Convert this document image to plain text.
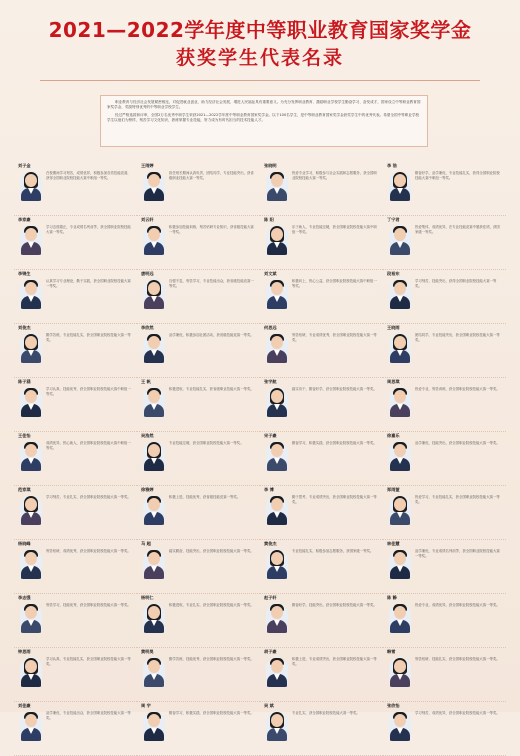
2021—2022学年度中等职业教育国家奖学金
获奖学生代表名录

职业教育与经济社会发展紧密相连，对促进就业创业、助力经济社会发展、增进人民福祉具有重要意义。为充分发挥职业教育、激励职业学校学生勤奋学习、奋发成才，国家设立中等职业教育国家奖学金，奖励特别优秀的中等职业学校学生。

经过严格选拔和评审，全国2万名优秀中职学生荣获2021—2022学年度中等职业教育国家奖学金。以下100名学生，是中等职业教育国家奖学金获奖学生中的优秀代表。希望全国中等职业学校学生以他们为榜样，刻苦学习文化知识，熟练掌握专业技能，努力成为有时代担当的技术技能人才。

刘子金
在校期间学习刻苦，成绩优异，积极参加各类技能竞赛，获得全国职业院校技能大赛中职组一等奖。
王雨婷
担任班长期间认真负责，团结同学，专业技能突出，获省级职业技能大赛一等奖。
张晓明
热爱专业学习，积极参与社会实践和志愿服务，获全国职业院校技能大赛一等奖。
李 浩
勤奋好学，品学兼优，专业技能扎实，获得全国职业院校技能大赛中职组一等奖。
李家豪
学习态度端正，专业成绩名列前茅，获全国职业院校技能大赛一等奖。
刘云轩
积极参加技能训练，刻苦钻研专业知识，获省级技能大赛一等奖。
陈 阳
乐于助人，专业技能过硬，获全国职业院校技能大赛中职组一等奖。
丁宁君
热爱集体，成绩优异，在专业技能竞赛中屡获佳绩，获国家级一等奖。
李锦生
认真学习专业理论，勤于实践，获全国职业院校技能大赛一等奖。
唐明远
自强不息，刻苦学习，专业技能出众，获省级技能竞赛一等奖。
刘文斌
积极向上，热心公益，获全国职业院校技能大赛中职组一等奖。
段裕东
学习刻苦，技能突出，获得全国职业院校技能大赛一等奖。
刘俊杰
勤学苦练，专业技能扎实，获全国职业院校技能大赛一等奖。
李欣然
品学兼优，积极参加社团活动，获省级技能竞赛一等奖。
何思远
刻苦钻研，专业成绩优秀，获全国职业院校技能大赛一等奖。
王晓雨
团结同学，专业技能突出，获全国职业院校技能大赛一等奖。
陈子涵
学习认真，技能优秀，获全国职业院校技能大赛中职组一等奖。
王 帆
积极进取，专业技能扎实，获省级职业技能大赛一等奖。
张宇航
踏实肯干，勤奋好学，获全国职业院校技能大赛一等奖。
周思琪
热爱专业，刻苦训练，获全国职业院校技能大赛一等奖。
王佳怡
成绩优异，热心助人，获全国职业院校技能大赛中职组一等奖。
吴浩然
专业技能过硬，获全国职业院校技能大赛一等奖。
宋子豪
勤奋学习，积极实践，获全国职业院校技能大赛一等奖。
徐嘉乐
品学兼优，技能突出，获全国职业院校技能大赛一等奖。
范家琪
学习刻苦，专业扎实，获全国职业院校技能大赛一等奖。
徐雅婷
积极上进，技能优秀，获省级技能竞赛一等奖。
李 博
勤于思考，专业成绩突出，获全国职业院校技能大赛一等奖。
郑雨萱
热爱学习，专业技能扎实，获全国职业院校技能大赛一等奖。
杨晓峰
刻苦钻研，成绩优秀，获全国职业院校技能大赛一等奖。
马 超
踏实勤奋，技能突出，获全国职业院校技能大赛一等奖。
黄俊杰
专业技能扎实，积极参加志愿服务，获国家级一等奖。
林佳慧
品学兼优，专业成绩名列前茅，获全国职业院校技能大赛一等奖。
李志强
刻苦学习，技能优秀，获全国职业院校技能大赛一等奖。
杨明仁
积极进取，专业扎实，获全国职业院校技能大赛一等奖。
赵子轩
勤奋好学，技能突出，获全国职业院校技能大赛一等奖。
陈 静
热爱专业，成绩优异，获全国职业院校技能大赛一等奖。
钟思雨
学习认真，专业技能扎实，获全国职业院校技能大赛一等奖。
黄明昊
勤学苦练，技能优秀，获全国职业院校技能大赛一等奖。
胡子豪
积极上进，专业成绩突出，获全国职业院校技能大赛一等奖。
韩雪
刻苦钻研，技能扎实，获全国职业院校技能大赛一等奖。
刘佳豪
品学兼优，专业技能出众，获全国职业院校技能大赛一等奖。
周 宇
勤奋学习，积极实践，获全国职业院校技能大赛一等奖。
吴 斌
专业扎实，获全国职业院校技能大赛一等奖。
张欣怡
学习刻苦，成绩优异，获全国职业院校技能大赛一等奖。
